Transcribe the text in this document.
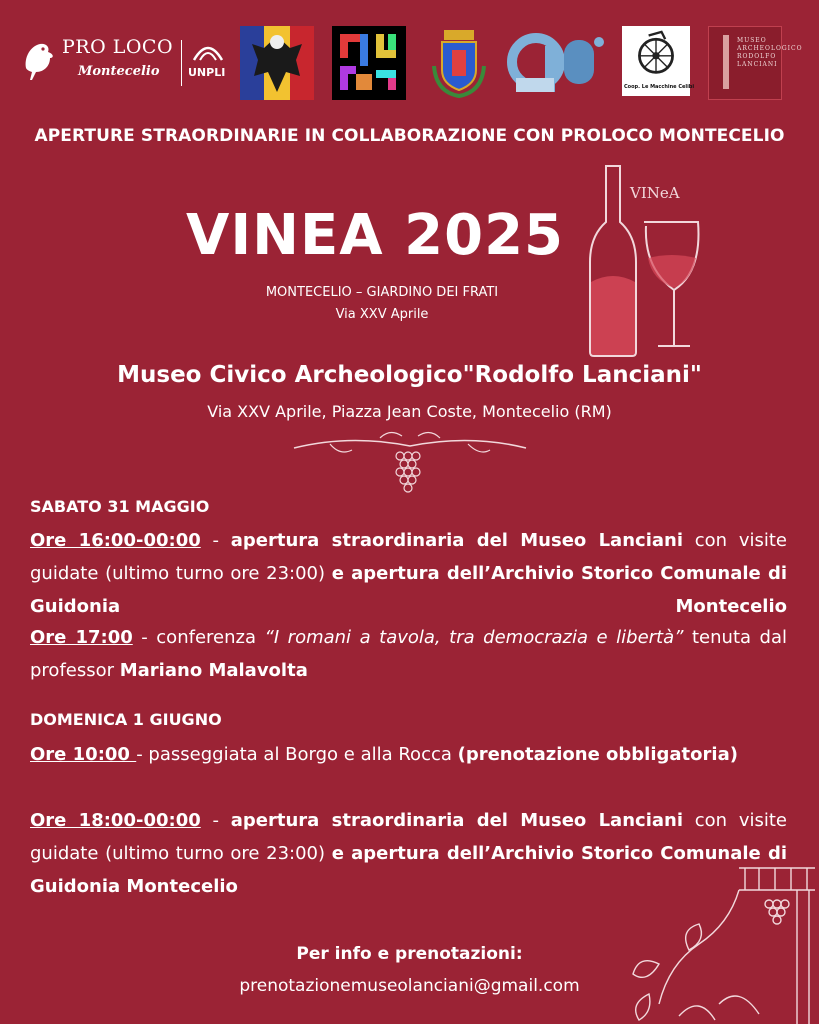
PRO LOCO
Montecelio	UNPLI
Coop. Le Macchine Celibi
MUSEO
ARCHEOLOGICO
RODOLFO
LANCIANI
APERTURE STRAORDINARIE IN COLLABORAZIONE CON PROLOCO MONTECELIO
VINEA 2025
MONTECELIO – GIARDINO DEI FRATI
Via XXV Aprile
VINeA
Museo Civico Archeologico"Rodolfo Lanciani"
Via XXV Aprile, Piazza Jean Coste, Montecelio (RM)
SABATO 31 MAGGIO
Ore 16:00-00:00 - apertura straordinaria del Museo Lanciani con visite guidate (ultimo turno ore 23:00) e apertura dell’Archivio Storico Comunale di Guidonia Montecelio
Ore 17:00 - conferenza “I romani a tavola, tra democrazia e libertà” tenuta dal professor Mariano Malavolta
DOMENICA 1 GIUGNO
Ore 10:00 - passeggiata al Borgo e alla Rocca (prenotazione obbligatoria)
Ore 18:00-00:00 - apertura straordinaria del Museo Lanciani con visite guidate (ultimo turno ore 23:00) e apertura dell’Archivio Storico Comunale di Guidonia Montecelio
Per info e prenotazioni:
prenotazionemuseolanciani@gmail.com
